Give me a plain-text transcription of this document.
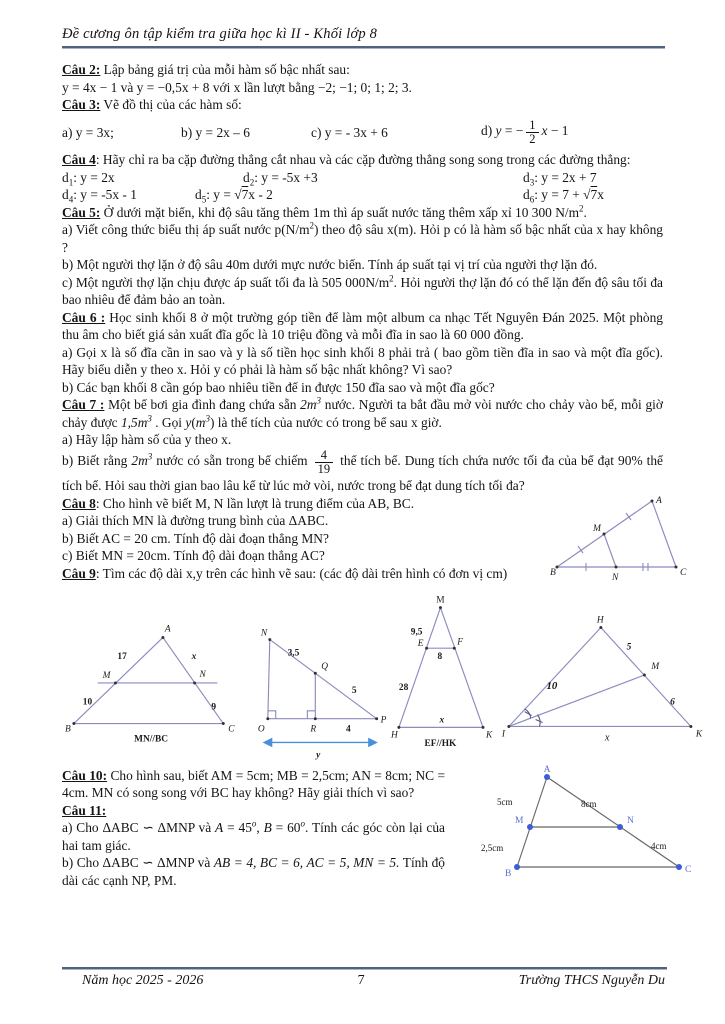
Đề cương ôn tập kiểm tra giữa học kì II - Khối lớp 8

Câu 2: Lập bảng giá trị của mỗi hàm số bậc nhất sau:

y = 4x − 1 và y = −0,5x + 8 với x lần lượt bằng −2; −1; 0; 1; 2; 3.

Câu 3: Vẽ đồ thị của các hàm số:

a) y = 3x;	b) y = 2x – 6	c) y = - 3x + 6	d) y = − $\frac{1}{2}$ x − 1

Câu 4: Hãy chỉ ra ba cặp đường thẳng cắt nhau và các cặp đường thẳng song song trong các đường thẳng:

$d_1$: y = 2x	$d_2$: y = -5x +3	$d_3$: y = 2x + 7
$d_4$: y = -5x - 1	$d_5$: y = √7x - 2	$d_6$: y = 7 + √7x

Câu 5: Ở dưới mặt biển, khi độ sâu tăng thêm 1m thì áp suất nước tăng thêm xấp xỉ 10 300 $N/m^2$.

a) Viết công thức biểu thị áp suất nước $p(N/m^2)$ theo độ sâu x(m). Hỏi p có là hàm số bậc nhất của x hay không ?

b) Một người thợ lặn ở độ sâu 40m dưới mực nước biển. Tính áp suất tại vị trí của người thợ lặn đó.

c) Một người thợ lặn chịu được áp suất tối đa là 505 $000N/m^2$. Hỏi người thợ lặn đó có thể lặn đến độ sâu tối đa bao nhiêu để đảm bảo an toàn.

Câu 6 : Học sinh khối 8 ở một trường góp tiền để làm một album ca nhạc Tết Nguyên Đán 2025. Một phòng thu âm cho biết giá sản xuất đĩa gốc là 10 triệu đồng và mỗi đĩa in sao là 60 000 đồng.

a) Gọi x là số đĩa cần in sao và y là số tiền học sinh khối 8 phải trả ( bao gồm tiền đĩa in sao và một đĩa gốc). Hãy biểu diễn y theo x. Hỏi y có phải là hàm số bậc nhất không? Vì sao?

b) Các bạn khối 8 cần góp bao nhiêu tiền để in được 150 đĩa sao và một đĩa gốc?

Câu 7 : Một bể bơi gia đình đang chứa sẵn $2m^3$ nước. Người ta bắt đầu mở vòi nước cho chảy vào bể, mỗi giờ chảy được $1,5m^3$ . Gọi $y(m^3)$ là thể tích của nước có trong bể sau x giờ.

a) Hãy lập hàm số của y theo x.

b) Biết rằng $2m^3$ nước có sẵn trong bể chiếm $\frac{4}{19}$ thể tích bể. Dung tích chứa nước tối đa của bể đạt 90% thể tích bể. Hỏi sau thời gian bao lâu kể từ lúc mở vòi, nước trong bể đạt dung tích tối đa?

A
M
N
B	C

Câu 8: Cho hình vẽ biết M, N lần lượt là trung điểm của AB, BC.

a) Giải thích MN là đường trung bình của ΔABC.

b) Biết AC = 20 cm. Tính độ dài đoạn thẳng MN?

c) Biết MN = 20cm. Tính độ dài đoạn thẳng AC?

Câu 9: Tìm các độ dài x,y trên các hình vẽ sau: (các độ dài trên hình có đơn vị cm)

A
17	x
M	N
10	9
B	C
MN//BC
N
3,5
Q
5
O	R	4
P
y
M
9,5
E	F
8
28
x
H	K
EF//HK
H
5
10
M
6
I	K
x
A
5cm	8cm
M	N
2,5cm	4cm
B	C

Câu 10: Cho hình sau, biết AM = 5cm; MB = 2,5cm; AN = 8cm; NC = 4cm. MN có song song với BC hay không? Hãy giải thích vì sao?

Câu 11:

a) Cho ΔABC ∽ ΔMNP và $A = 45^o$, $B = 60^o$. Tính các góc còn lại của hai tam giác.

b) Cho ΔABC ∽ ΔMNP và AB = 4, BC = 6, AC = 5, MN = 5. Tính độ dài các cạnh NP, PM.

Năm học 2025 - 2026	7	Trường THCS Nguyễn Du
